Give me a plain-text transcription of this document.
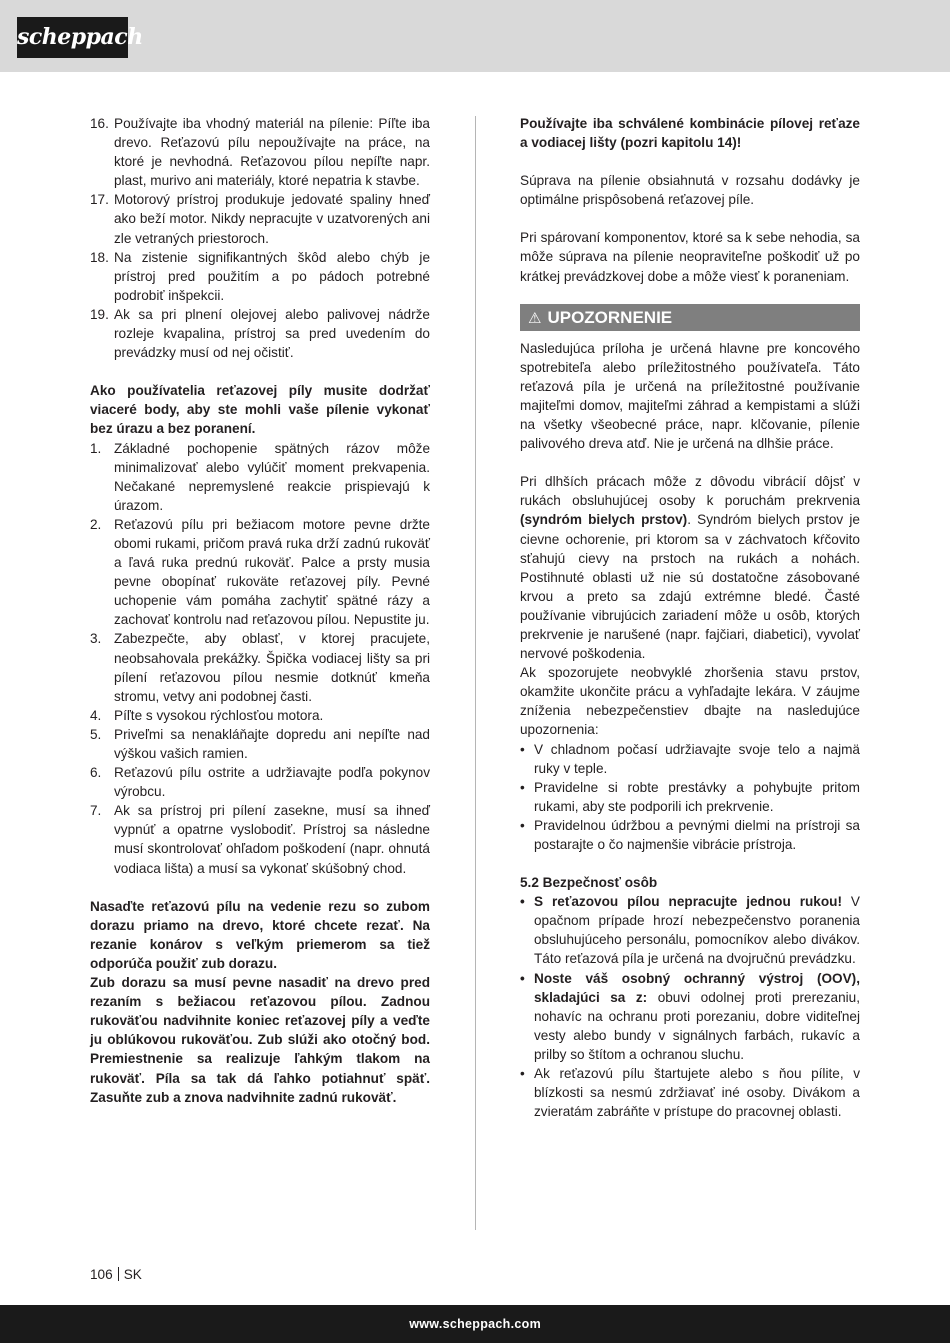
scheppach
16. Používajte iba vhodný materiál na pílenie: Píľte iba drevo. Reťazovú pílu nepoužívajte na práce, na ktoré je nevhodná. Reťazovou pílou nepíľte napr. plast, murivo ani materiály, ktoré nepatria k stavbe.
17. Motorový prístroj produkuje jedovaté spaliny hneď ako beží motor. Nikdy nepracujte v uzatvorených ani zle vetraných priestoroch.
18. Na zistenie signifikantných škôd alebo chýb je prístroj pred použitím a po pádoch potrebné podrobiť inšpekcii.
19. Ak sa pri plnení olejovej alebo palivovej nádrže rozleje kvapalina, prístroj sa pred uvedením do prevádzky musí od nej očistiť.

Ako používatelia reťazovej píly musite dodržať viaceré body, aby ste mohli vaše pílenie vykonať bez úrazu a bez poranení.

1. Základné pochopenie spätných rázov môže minimalizovať alebo vylúčiť moment prekvapenia. Nečakané nepremyslené reakcie prispievajú k úrazom.
2. Reťazovú pílu pri bežiacom motore pevne držte obomi rukami, pričom pravá ruka drží zadnú rukoväť a ľavá ruka prednú rukoväť. Palce a prsty musia pevne obopínať rukoväte reťazovej píly. Pevné uchopenie vám pomáha zachytiť spätné rázy a zachovať kontrolu nad reťazovou pílou. Nepustite ju.
3. Zabezpečte, aby oblasť, v ktorej pracujete, neobsahovala prekážky. Špička vodiacej lišty sa pri pílení reťazovou pílou nesmie dotknúť kmeňa stromu, vetvy ani podobnej časti.
4. Píľte s vysokou rýchlosťou motora.
5. Priveľmi sa nenakláňajte dopredu ani nepíľte nad výškou vašich ramien.
6. Reťazovú pílu ostrite a udržiavajte podľa pokynov výrobcu.
7. Ak sa prístroj pri pílení zasekne, musí sa ihneď vypnúť a opatrne vyslobodiť. Prístroj sa následne musí skontrolovať ohľadom poškodení (napr. ohnutá vodiaca lišta) a musí sa vykonať skúšobný chod.

Nasaďte reťazovú pílu na vedenie rezu so zubom dorazu priamo na drevo, ktoré chcete rezať. Na rezanie konárov s veľkým priemerom sa tiež odporúča použiť zub dorazu.

Zub dorazu sa musí pevne nasadiť na drevo pred rezaním s bežiacou reťazovou pílou. Zadnou rukoväťou nadvihnite koniec reťazovej píly a veďte ju oblúkovou rukoväťou. Zub slúži ako otočný bod. Premiestnenie sa realizuje ľahkým tlakom na rukoväť. Píla sa tak dá ľahko potiahnuť späť. Zasuňte zub a znova nadvihnite zadnú rukoväť.

Používajte iba schválené kombinácie pílovej reťaze a vodiacej lišty (pozri kapitolu 14)!

Súprava na pílenie obsiahnutá v rozsahu dodávky je optimálne prispôsobená reťazovej píle.

Pri spárovaní komponentov, ktoré sa k sebe nehodia, sa môže súprava na pílenie neopraviteľne poškodiť už po krátkej prevádzkovej dobe a môže viesť k poraneniam.

⚠ UPOZORNENIE

Nasledujúca príloha je určená hlavne pre koncového spotrebiteľa alebo príležitostného používateľa. Táto reťazová píla je určená na príležitostné používanie majiteľmi domov, majiteľmi záhrad a kempistami a slúži na všetky všeobecné práce, napr. klčovanie, pílenie palivového dreva atď. Nie je určená na dlhšie práce.

Pri dlhších prácach môže z dôvodu vibrácií dôjsť v rukách obsluhujúcej osoby k poruchám prekrvenia (syndróm bielych prstov). Syndróm bielych prstov je cievne ochorenie, pri ktorom sa v záchvatoch kŕčovito sťahujú cievy na prstoch na rukách a nohách. Postihnuté oblasti už nie sú dostatočne zásobované krvou a preto sa zdajú extrémne bledé. Časté používanie vibrujúcich zariadení môže u osôb, ktorých prekrvenie je narušené (napr. fajčiari, diabetici), vyvolať nervové poškodenia.

Ak spozorujete neobvyklé zhoršenia stavu prstov, okamžite ukončite prácu a vyhľadajte lekára. V záujme zníženia nebezpečenstiev dbajte na nasledujúce upozornenia:

• V chladnom počasí udržiavajte svoje telo a najmä ruky v teple.
• Pravidelne si robte prestávky a pohybujte pritom rukami, aby ste podporili ich prekrvenie.
• Pravidelnou údržbou a pevnými dielmi na prístroji sa postarajte o čo najmenšie vibrácie prístroja.

5.2 Bezpečnosť osôb

• S reťazovou pílou nepracujte jednou rukou! V opačnom prípade hrozí nebezpečenstvo poranenia obsluhujúceho personálu, pomocníkov alebo divákov. Táto reťazová píla je určená na dvojručnú prevádzku.
• Noste váš osobný ochranný výstroj (OOV), skladajúci sa z: obuvi odolnej proti prerezaniu, nohavíc na ochranu proti porezaniu, dobre viditeľnej vesty alebo bundy v signálnych farbách, rukavíc a prilby so štítom a ochranou sluchu.
• Ak reťazovú pílu štartujete alebo s ňou pílite, v blízkosti sa nesmú zdržiavať iné osoby. Divákom a zvieratám zabráňte v prístupe do pracovnej oblasti.
106 SK
www.scheppach.com
